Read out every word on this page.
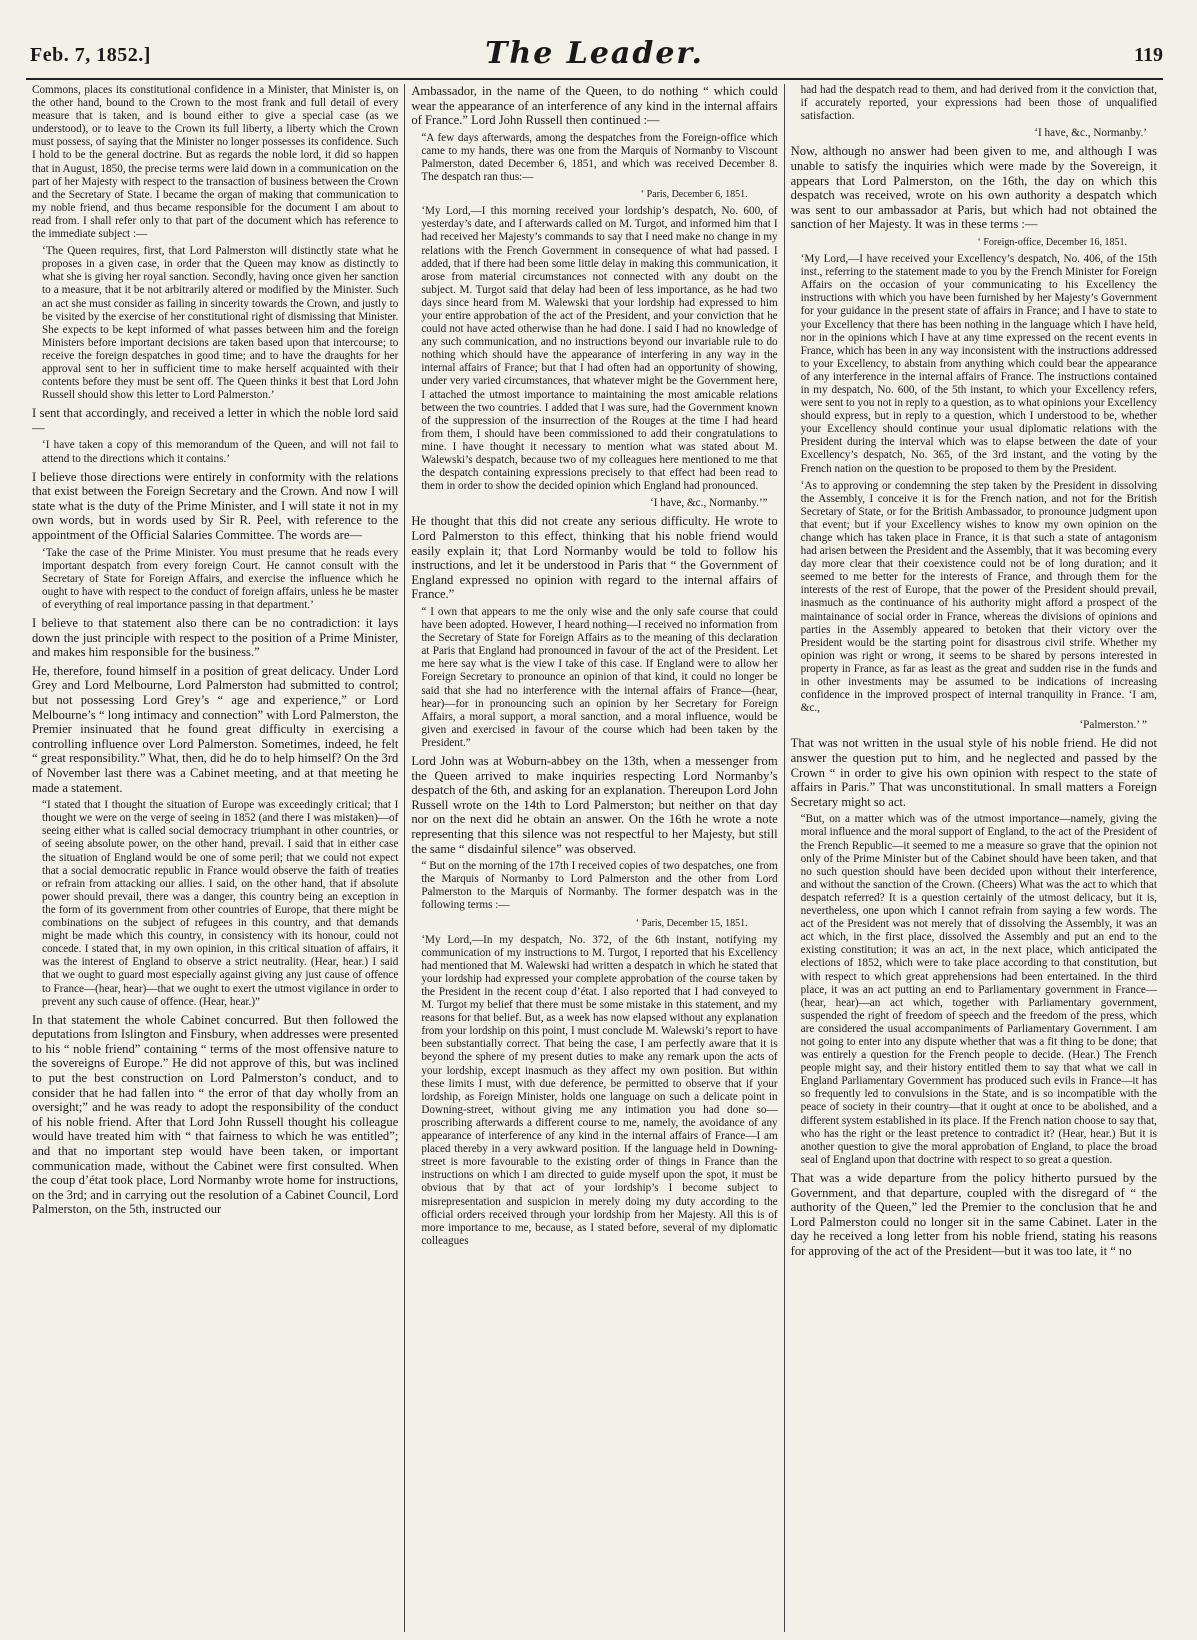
Feb. 7, 1852.]	The Leader.	119

Commons, places its constitutional confidence in a Minister, that Minister is, on the other hand, bound to the Crown to the most frank and full detail of every measure that is taken, and is bound either to give a special case (as we understood), or to leave to the Crown its full liberty, a liberty which the Crown must possess, of saying that the Minister no longer possesses its confidence. Such I hold to be the general doctrine. But as regards the noble lord, it did so happen that in August, 1850, the precise terms were laid down in a communication on the part of her Majesty with respect to the transaction of business between the Crown and the Secretary of State. I became the organ of making that communication to my noble friend, and thus became responsible for the document I am about to read from. I shall refer only to that part of the document which has reference to the immediate subject :—

‘The Queen requires, first, that Lord Palmerston will distinctly state what he proposes in a given case, in order that the Queen may know as distinctly to what she is giving her royal sanction. Secondly, having once given her sanction to a measure, that it be not arbitrarily altered or modified by the Minister. Such an act she must consider as failing in sincerity towards the Crown, and justly to be visited by the exercise of her constitutional right of dismissing that Minister. She expects to be kept informed of what passes between him and the foreign Ministers before important decisions are taken based upon that intercourse; to receive the foreign despatches in good time; and to have the draughts for her approval sent to her in sufficient time to make herself acquainted with their contents before they must be sent off. The Queen thinks it best that Lord John Russell should show this letter to Lord Palmerston.’

I sent that accordingly, and received a letter in which the noble lord said—

‘I have taken a copy of this memorandum of the Queen, and will not fail to attend to the directions which it contains.’

I believe those directions were entirely in conformity with the relations that exist between the Foreign Secretary and the Crown. And now I will state what is the duty of the Prime Minister, and I will state it not in my own words, but in words used by Sir R. Peel, with reference to the appointment of the Official Salaries Committee. The words are—

‘Take the case of the Prime Minister. You must presume that he reads every important despatch from every foreign Court. He cannot consult with the Secretary of State for Foreign Affairs, and exercise the influence which he ought to have with respect to the conduct of foreign affairs, unless he be master of everything of real importance passing in that department.’

I believe to that statement also there can be no contradiction: it lays down the just principle with respect to the position of a Prime Minister, and makes him responsible for the business.”

He, therefore, found himself in a position of great delicacy. Under Lord Grey and Lord Melbourne, Lord Palmerston had submitted to control; but not possessing Lord Grey’s “ age and experience,” or Lord Melbourne’s “ long intimacy and connection” with Lord Palmerston, the Premier insinuated that he found great difficulty in exercising a controlling influence over Lord Palmerston. Sometimes, indeed, he felt “ great responsibility.” What, then, did he do to help himself? On the 3rd of November last there was a Cabinet meeting, and at that meeting he made a statement.

“I stated that I thought the situation of Europe was exceedingly critical; that I thought we were on the verge of seeing in 1852 (and there I was mistaken)—of seeing either what is called social democracy triumphant in other countries, or of seeing absolute power, on the other hand, prevail. I said that in either case the situation of England would be one of some peril; that we could not expect that a social democratic republic in France would observe the faith of treaties or refrain from attacking our allies. I said, on the other hand, that if absolute power should prevail, there was a danger, this country being an exception in the form of its government from other countries of Europe, that there might be combinations on the subject of refugees in this country, and that demands might be made which this country, in consistency with its honour, could not concede. I stated that, in my own opinion, in this critical situation of affairs, it was the interest of England to observe a strict neutrality. (Hear, hear.) I said that we ought to guard most especially against giving any just cause of offence to France—(hear, hear)—that we ought to exert the utmost vigilance in order to prevent any such cause of offence. (Hear, hear.)”

In that statement the whole Cabinet concurred. But then followed the deputations from Islington and Finsbury, when addresses were presented to his “ noble friend” containing “ terms of the most offensive nature to the sovereigns of Europe.” He did not approve of this, but was inclined to put the best construction on Lord Palmerston’s conduct, and to consider that he had fallen into “ the error of that day wholly from an oversight;” and he was ready to adopt the responsibility of the conduct of his noble friend. After that Lord John Russell thought his colleague would have treated him with “ that fairness to which he was entitled”; and that no important step would have been taken, or important communication made, without the Cabinet were first consulted. When the coup d’état took place, Lord Normanby wrote home for instructions, on the 3rd; and in carrying out the resolution of a Cabinet Council, Lord Palmerston, on the 5th, instructed our

Ambassador, in the name of the Queen, to do nothing “ which could wear the appearance of an interference of any kind in the internal affairs of France.” Lord John Russell then continued :—

“A few days afterwards, among the despatches from the Foreign-office which came to my hands, there was one from the Marquis of Normanby to Viscount Palmerston, dated December 6, 1851, and which was received December 8. The despatch ran thus:—

‘ Paris, December 6, 1851.

‘My Lord,—I this morning received your lordship’s despatch, No. 600, of yesterday’s date, and I afterwards called on M. Turgot, and informed him that I had received her Majesty’s commands to say that I need make no change in my relations with the French Government in consequence of what had passed. I added, that if there had been some little delay in making this communication, it arose from material circumstances not connected with any doubt on the subject. M. Turgot said that delay had been of less importance, as he had two days since heard from M. Walewski that your lordship had expressed to him your entire approbation of the act of the President, and your conviction that he could not have acted otherwise than he had done. I said I had no knowledge of any such communication, and no instructions beyond our invariable rule to do nothing which should have the appearance of interfering in any way in the internal affairs of France; but that I had often had an opportunity of showing, under very varied circumstances, that whatever might be the Government here, I attached the utmost importance to maintaining the most amicable relations between the two countries. I added that I was sure, had the Government known of the suppression of the insurrection of the Rouges at the time I had heard from them, I should have been commissioned to add their congratulations to mine. I have thought it necessary to mention what was stated about M. Walewski’s despatch, because two of my colleagues here mentioned to me that the despatch containing expressions precisely to that effect had been read to them in order to show the decided opinion which England had pronounced.

‘I have, &c., Normanby.’”

He thought that this did not create any serious difficulty. He wrote to Lord Palmerston to this effect, thinking that his noble friend would easily explain it; that Lord Normanby would be told to follow his instructions, and let it be understood in Paris that “ the Government of England expressed no opinion with regard to the internal affairs of France.”

“ I own that appears to me the only wise and the only safe course that could have been adopted. However, I heard nothing—I received no information from the Secretary of State for Foreign Affairs as to the meaning of this declaration at Paris that England had pronounced in favour of the act of the President. Let me here say what is the view I take of this case. If England were to allow her Foreign Secretary to pronounce an opinion of that kind, it could no longer be said that she had no interference with the internal affairs of France—(hear, hear)—for in pronouncing such an opinion by her Secretary for Foreign Affairs, a moral support, a moral sanction, and a moral influence, would be given and exercised in favour of the course which had been taken by the President.”

Lord John was at Woburn-abbey on the 13th, when a messenger from the Queen arrived to make inquiries respecting Lord Normanby’s despatch of the 6th, and asking for an explanation. Thereupon Lord John Russell wrote on the 14th to Lord Palmerston; but neither on that day nor on the next did he obtain an answer. On the 16th he wrote a note representing that this silence was not respectful to her Majesty, but still the same “ disdainful silence” was observed.

“ But on the morning of the 17th I received copies of two despatches, one from the Marquis of Normanby to Lord Palmerston and the other from Lord Palmerston to the Marquis of Normanby. The former despatch was in the following terms :—

‘ Paris, December 15, 1851.

‘My Lord,—In my despatch, No. 372, of the 6th instant, notifying my communication of my instructions to M. Turgot, I reported that his Excellency had mentioned that M. Walewski had written a despatch in which he stated that your lordship had expressed your complete approbation of the course taken by the President in the recent coup d’état. I also reported that I had conveyed to M. Turgot my belief that there must be some mistake in this statement, and my reasons for that belief. But, as a week has now elapsed without any explanation from your lordship on this point, I must conclude M. Walewski’s report to have been substantially correct. That being the case, I am perfectly aware that it is beyond the sphere of my present duties to make any remark upon the acts of your lordship, except inasmuch as they affect my own position. But within these limits I must, with due deference, be permitted to observe that if your lordship, as Foreign Minister, holds one language on such a delicate point in Downing-street, without giving me any intimation you had done so—proscribing afterwards a different course to me, namely, the avoidance of any appearance of interference of any kind in the internal affairs of France—I am placed thereby in a very awkward position. If the language held in Downing-street is more favourable to the existing order of things in France than the instructions on which I am directed to guide myself upon the spot, it must be obvious that by that act of your lordship’s I become subject to misrepresentation and suspicion in merely doing my duty according to the official orders received through your lordship from her Majesty. All this is of more importance to me, because, as I stated before, several of my diplomatic colleagues

had had the despatch read to them, and had derived from it the conviction that, if accurately reported, your expressions had been those of unqualified satisfaction.

‘I have, &c., Normanby.’

Now, although no answer had been given to me, and although I was unable to satisfy the inquiries which were made by the Sovereign, it appears that Lord Palmerston, on the 16th, the day on which this despatch was received, wrote on his own authority a despatch which was sent to our ambassador at Paris, but which had not obtained the sanction of her Majesty. It was in these terms :—

‘ Foreign-office, December 16, 1851.

‘My Lord,—I have received your Excellency’s despatch, No. 406, of the 15th inst., referring to the statement made to you by the French Minister for Foreign Affairs on the occasion of your communicating to his Excellency the instructions with which you have been furnished by her Majesty’s Government for your guidance in the present state of affairs in France; and I have to state to your Excellency that there has been nothing in the language which I have held, nor in the opinions which I have at any time expressed on the recent events in France, which has been in any way inconsistent with the instructions addressed to your Excellency, to abstain from anything which could bear the appearance of any interference in the internal affairs of France. The instructions contained in my despatch, No. 600, of the 5th instant, to which your Excellency refers, were sent to you not in reply to a question, as to what opinions your Excellency should express, but in reply to a question, which I understood to be, whether your Excellency should continue your usual diplomatic relations with the President during the interval which was to elapse between the date of your Excellency’s despatch, No. 365, of the 3rd instant, and the voting by the French nation on the question to be proposed to them by the President.

‘As to approving or condemning the step taken by the President in dissolving the Assembly, I conceive it is for the French nation, and not for the British Secretary of State, or for the British Ambassador, to pronounce judgment upon that event; but if your Excellency wishes to know my own opinion on the change which has taken place in France, it is that such a state of antagonism had arisen between the President and the Assembly, that it was becoming every day more clear that their coexistence could not be of long duration; and it seemed to me better for the interests of France, and through them for the interests of the rest of Europe, that the power of the President should prevail, inasmuch as the continuance of his authority might afford a prospect of the maintainance of social order in France, whereas the divisions of opinions and parties in the Assembly appeared to betoken that their victory over the President would be the starting point for disastrous civil strife. Whether my opinion was right or wrong, it seems to be shared by persons interested in property in France, as far as least as the great and sudden rise in the funds and in other investments may be assumed to be indications of increasing confidence in the improved prospect of internal tranquility in France. ‘I am, &c.,

‘Palmerston.’ ”

That was not written in the usual style of his noble friend. He did not answer the question put to him, and he neglected and passed by the Crown “ in order to give his own opinion with respect to the state of affairs in Paris.” That was unconstitutional. In small matters a Foreign Secretary might so act.

“But, on a matter which was of the utmost importance—namely, giving the moral influence and the moral support of England, to the act of the President of the French Republic—it seemed to me a measure so grave that the opinion not only of the Prime Minister but of the Cabinet should have been taken, and that no such question should have been decided upon without their interference, and without the sanction of the Crown. (Cheers) What was the act to which that despatch referred? It is a question certainly of the utmost delicacy, but it is, nevertheless, one upon which I cannot refrain from saying a few words. The act of the President was not merely that of dissolving the Assembly, it was an act which, in the first place, dissolved the Assembly and put an end to the existing constitution; it was an act, in the next place, which anticipated the elections of 1852, which were to take place according to that constitution, but with respect to which great apprehensions had been entertained. In the third place, it was an act putting an end to Parliamentary government in France—(hear, hear)—an act which, together with Parliamentary government, suspended the right of freedom of speech and the freedom of the press, which are considered the usual accompaniments of Parliamentary Government. I am not going to enter into any dispute whether that was a fit thing to be done; that was entirely a question for the French people to decide. (Hear.) The French people might say, and their history entitled them to say that what we call in England Parliamentary Government has produced such evils in France—it has so frequently led to convulsions in the State, and is so incompatible with the peace of society in their country—that it ought at once to be abolished, and a different system established in its place. If the French nation choose to say that, who has the right or the least pretence to contradict it? (Hear, hear.) But it is another question to give the moral approbation of England, to place the broad seal of England upon that doctrine with respect to so great a question.

That was a wide departure from the policy hitherto pursued by the Government, and that departure, coupled with the disregard of “ the authority of the Queen,” led the Premier to the conclusion that he and Lord Palmerston could no longer sit in the same Cabinet. Later in the day he received a long letter from his noble friend, stating his reasons for approving of the act of the President—but it was too late, it “ no
